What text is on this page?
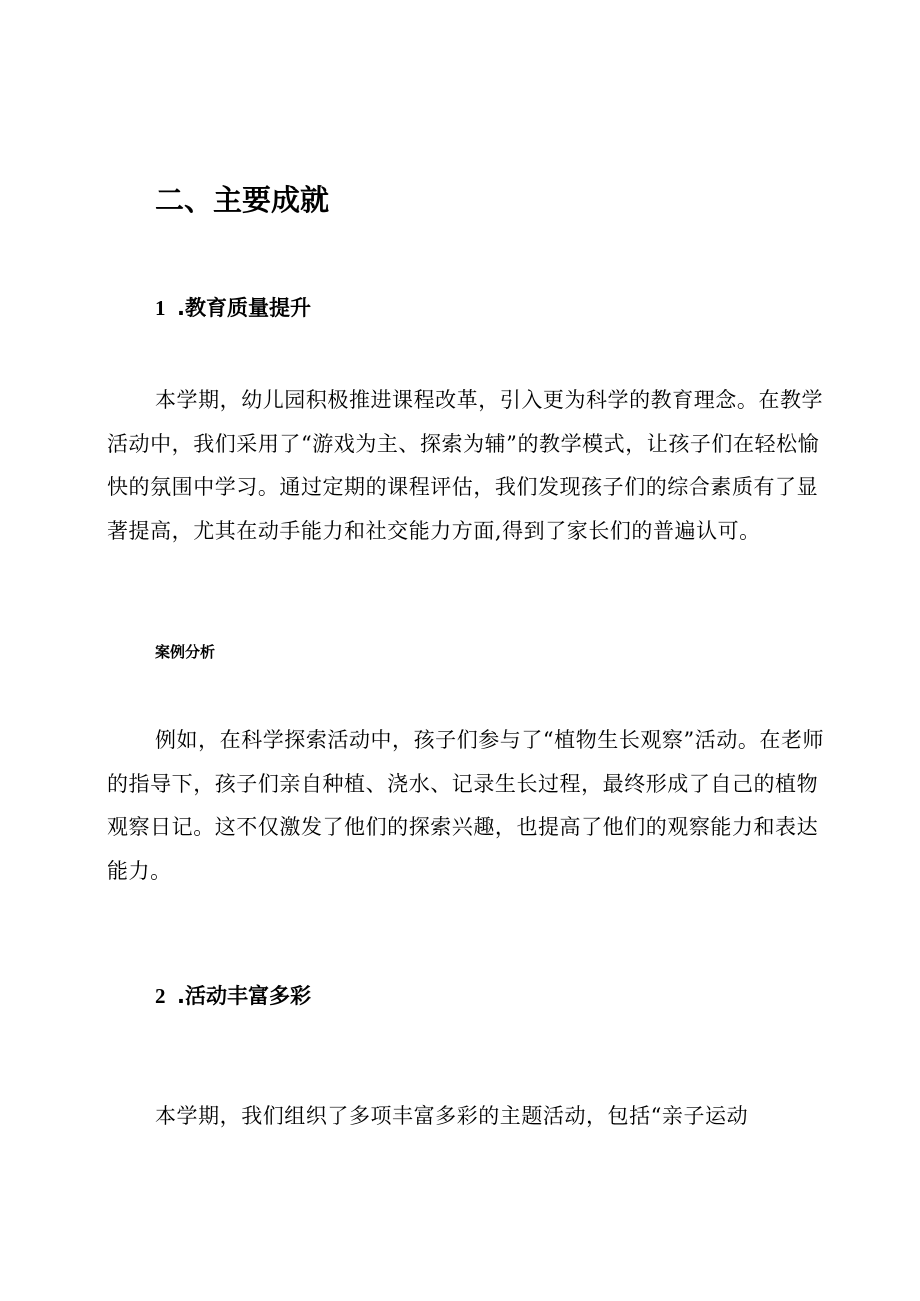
二、主要成就
1 .教育质量提升

本学期，幼儿园积极推进课程改革，引入更为科学的教育理念。在教学活动中，我们采用了“游戏为主、探索为辅”的教学模式，让孩子们在轻松愉快的氛围中学习。通过定期的课程评估，我们发现孩子们的综合素质有了显著提高，尤其在动手能力和社交能力方面,得到了家长们的普遍认可。

案例分析

例如，在科学探索活动中，孩子们参与了“植物生长观察”活动。在老师的指导下，孩子们亲自种植、浇水、记录生长过程，最终形成了自己的植物观察日记。这不仅激发了他们的探索兴趣，也提高了他们的观察能力和表达能力。

2 .活动丰富多彩

本学期，我们组织了多项丰富多彩的主题活动，包括“亲子运动
